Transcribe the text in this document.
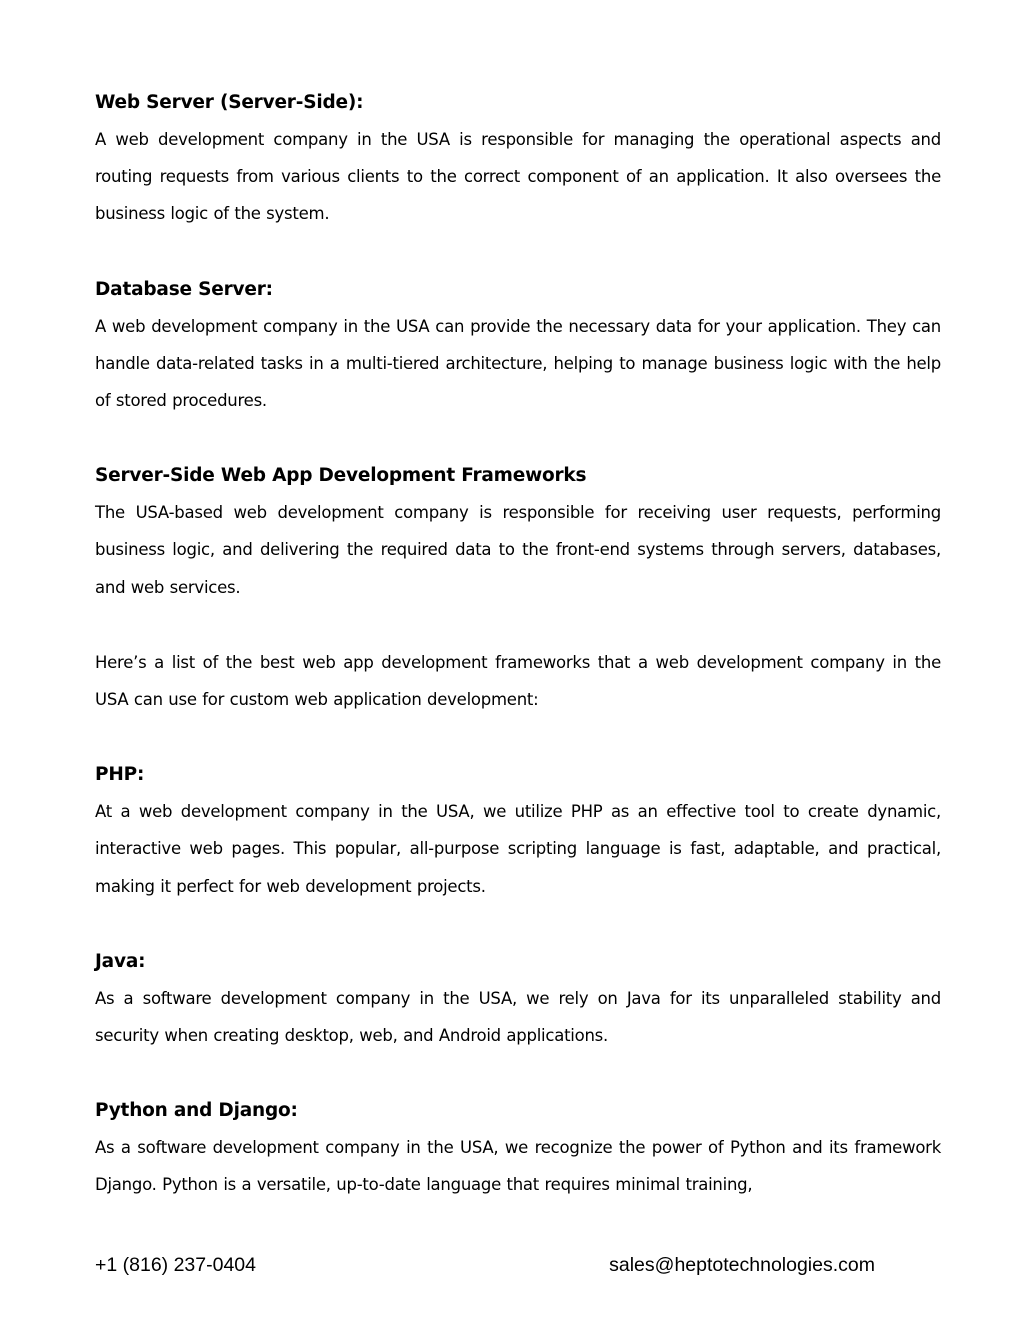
Web Server (Server-Side):

A web development company in the USA is responsible for managing the operational aspects and routing requests from various clients to the correct component of an application. It also oversees the business logic of the system.

Database Server:

A web development company in the USA can provide the necessary data for your application. They can handle data-related tasks in a multi-tiered architecture, helping to manage business logic with the help of stored procedures.

Server-Side Web App Development Frameworks

The USA-based web development company is responsible for receiving user requests, performing business logic, and delivering the required data to the front-end systems through servers, databases, and web services.

Here’s a list of the best web app development frameworks that a web development company in the USA can use for custom web application development:

PHP:

At a web development company in the USA, we utilize PHP as an effective tool to create dynamic, interactive web pages. This popular, all-purpose scripting language is fast, adaptable, and practical, making it perfect for web development projects.

Java:

As a software development company in the USA, we rely on Java for its unparalleled stability and security when creating desktop, web, and Android applications.

Python and Django:

As a software development company in the USA, we recognize the power of Python and its framework Django. Python is a versatile, up-to-date language that requires minimal training,

+1 (816) 237-0404	sales@heptotechnologies.com
